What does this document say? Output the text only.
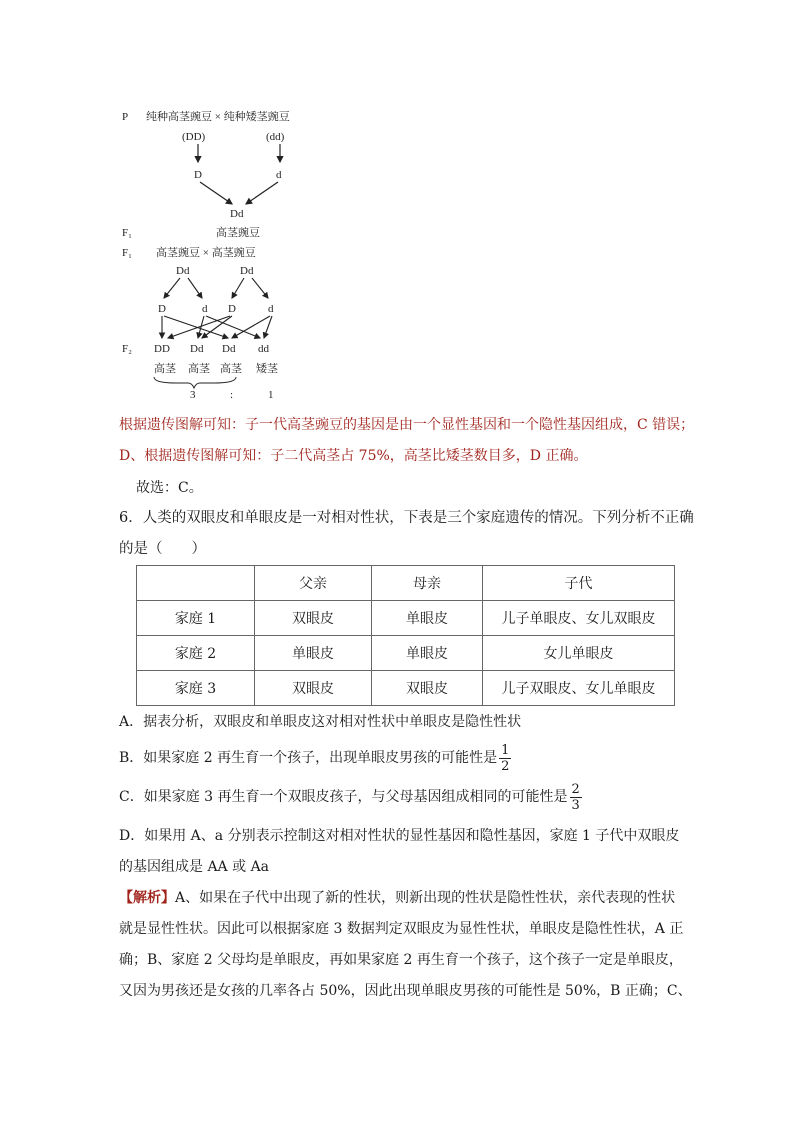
P 纯种高茎豌豆 × 纯种矮茎豌豆
(DD)	(dd)
D	d
Dd
F₁	高茎豌豆
F₁ 高茎豌豆 × 高茎豌豆
Dd	Dd
D	d D	d
F₂ DD Dd Dd dd
高茎 高茎 高茎 矮茎
3	:	1
根据遗传图解可知：子一代高茎豌豆的基因是由一个显性基因和一个隐性基因组成，C 错误；
D、根据遗传图解可知：子二代高茎占 75%，高茎比矮茎数目多，D 正确。
故选：C。
6．人类的双眼皮和单眼皮是一对相对性状，下表是三个家庭遗传的情况。下列分析不正确
的是（　　）
	父亲	母亲	子代
家庭 1	双眼皮	单眼皮	儿子单眼皮、女儿双眼皮
家庭 2	单眼皮	单眼皮	女儿单眼皮
家庭 3	双眼皮	双眼皮	儿子双眼皮、女儿单眼皮
A．据表分析，双眼皮和单眼皮这对相对性状中单眼皮是隐性性状
B．如果家庭 2 再生育一个孩子，出现单眼皮男孩的可能性是 $\frac{1}{2}$
C．如果家庭 3 再生育一个双眼皮孩子，与父母基因组成相同的可能性是 $\frac{2}{3}$
D．如果用 A、a 分别表示控制这对相对性状的显性基因和隐性基因，家庭 1 子代中双眼皮
的基因组成是 AA 或 Aa
【解析】A、如果在子代中出现了新的性状，则新出现的性状是隐性性状，亲代表现的性状
就是显性性状。因此可以根据家庭 3 数据判定双眼皮为显性性状，单眼皮是隐性性状，A 正
确；B、家庭 2 父母均是单眼皮，再如果家庭 2 再生育一个孩子，这个孩子一定是单眼皮，
又因为男孩还是女孩的几率各占 50%，因此出现单眼皮男孩的可能性是 50%，B 正确；C、
